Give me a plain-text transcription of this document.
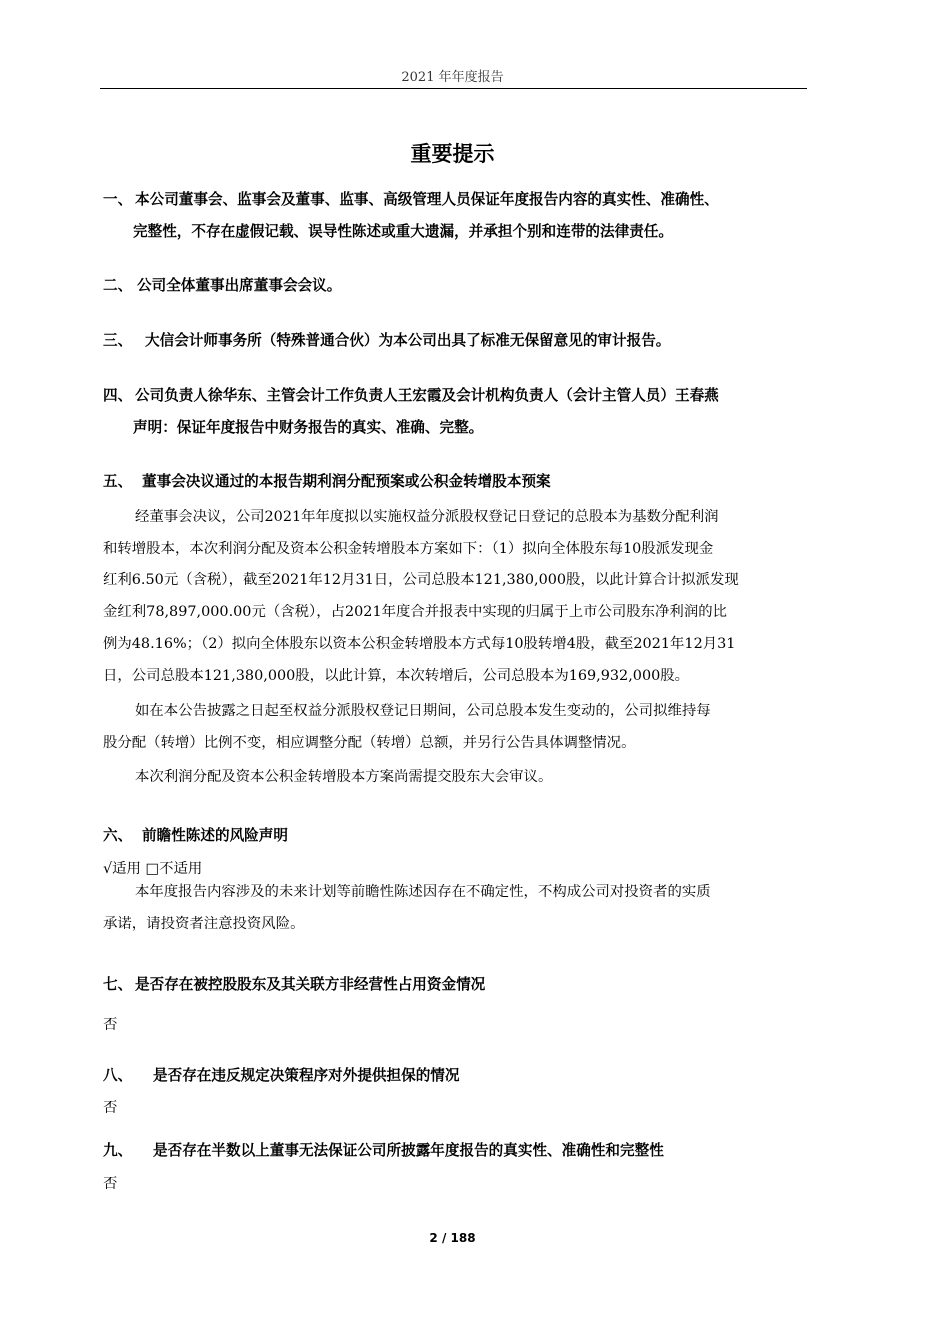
2021 年年度报告
重要提示
一、 本公司董事会、监事会及董事、监事、高级管理人员保证年度报告内容的真实性、准确性、
完整性，不存在虚假记载、误导性陈述或重大遗漏，并承担个别和连带的法律责任。
二、 公司全体董事出席董事会会议。
三、 大信会计师事务所（特殊普通合伙）为本公司出具了标准无保留意见的审计报告。
四、 公司负责人徐华东、主管会计工作负责人王宏霞及会计机构负责人（会计主管人员）王春燕
声明：保证年度报告中财务报告的真实、准确、完整。
五、 董事会决议通过的本报告期利润分配预案或公积金转增股本预案
经董事会决议，公司2021年年度拟以实施权益分派股权登记日登记的总股本为基数分配利润
和转增股本，本次利润分配及资本公积金转增股本方案如下：（1）拟向全体股东每10股派发现金
红利6.50元（含税），截至2021年12月31日，公司总股本121,380,000股，以此计算合计拟派发现
金红利78,897,000.00元（含税），占2021年度合并报表中实现的归属于上市公司股东净利润的比
例为48.16%；（2）拟向全体股东以资本公积金转增股本方式每10股转增4股，截至2021年12月31
日，公司总股本121,380,000股，以此计算，本次转增后，公司总股本为169,932,000股。
如在本公告披露之日起至权益分派股权登记日期间，公司总股本发生变动的，公司拟维持每
股分配（转增）比例不变，相应调整分配（转增）总额，并另行公告具体调整情况。
本次利润分配及资本公积金转增股本方案尚需提交股东大会审议。
六、 前瞻性陈述的风险声明
√适用 □不适用
本年度报告内容涉及的未来计划等前瞻性陈述因存在不确定性，不构成公司对投资者的实质
承诺，请投资者注意投资风险。
七、 是否存在被控股股东及其关联方非经营性占用资金情况
否
八、 是否存在违反规定决策程序对外提供担保的情况
否
九、 是否存在半数以上董事无法保证公司所披露年度报告的真实性、准确性和完整性
否
2 / 188
